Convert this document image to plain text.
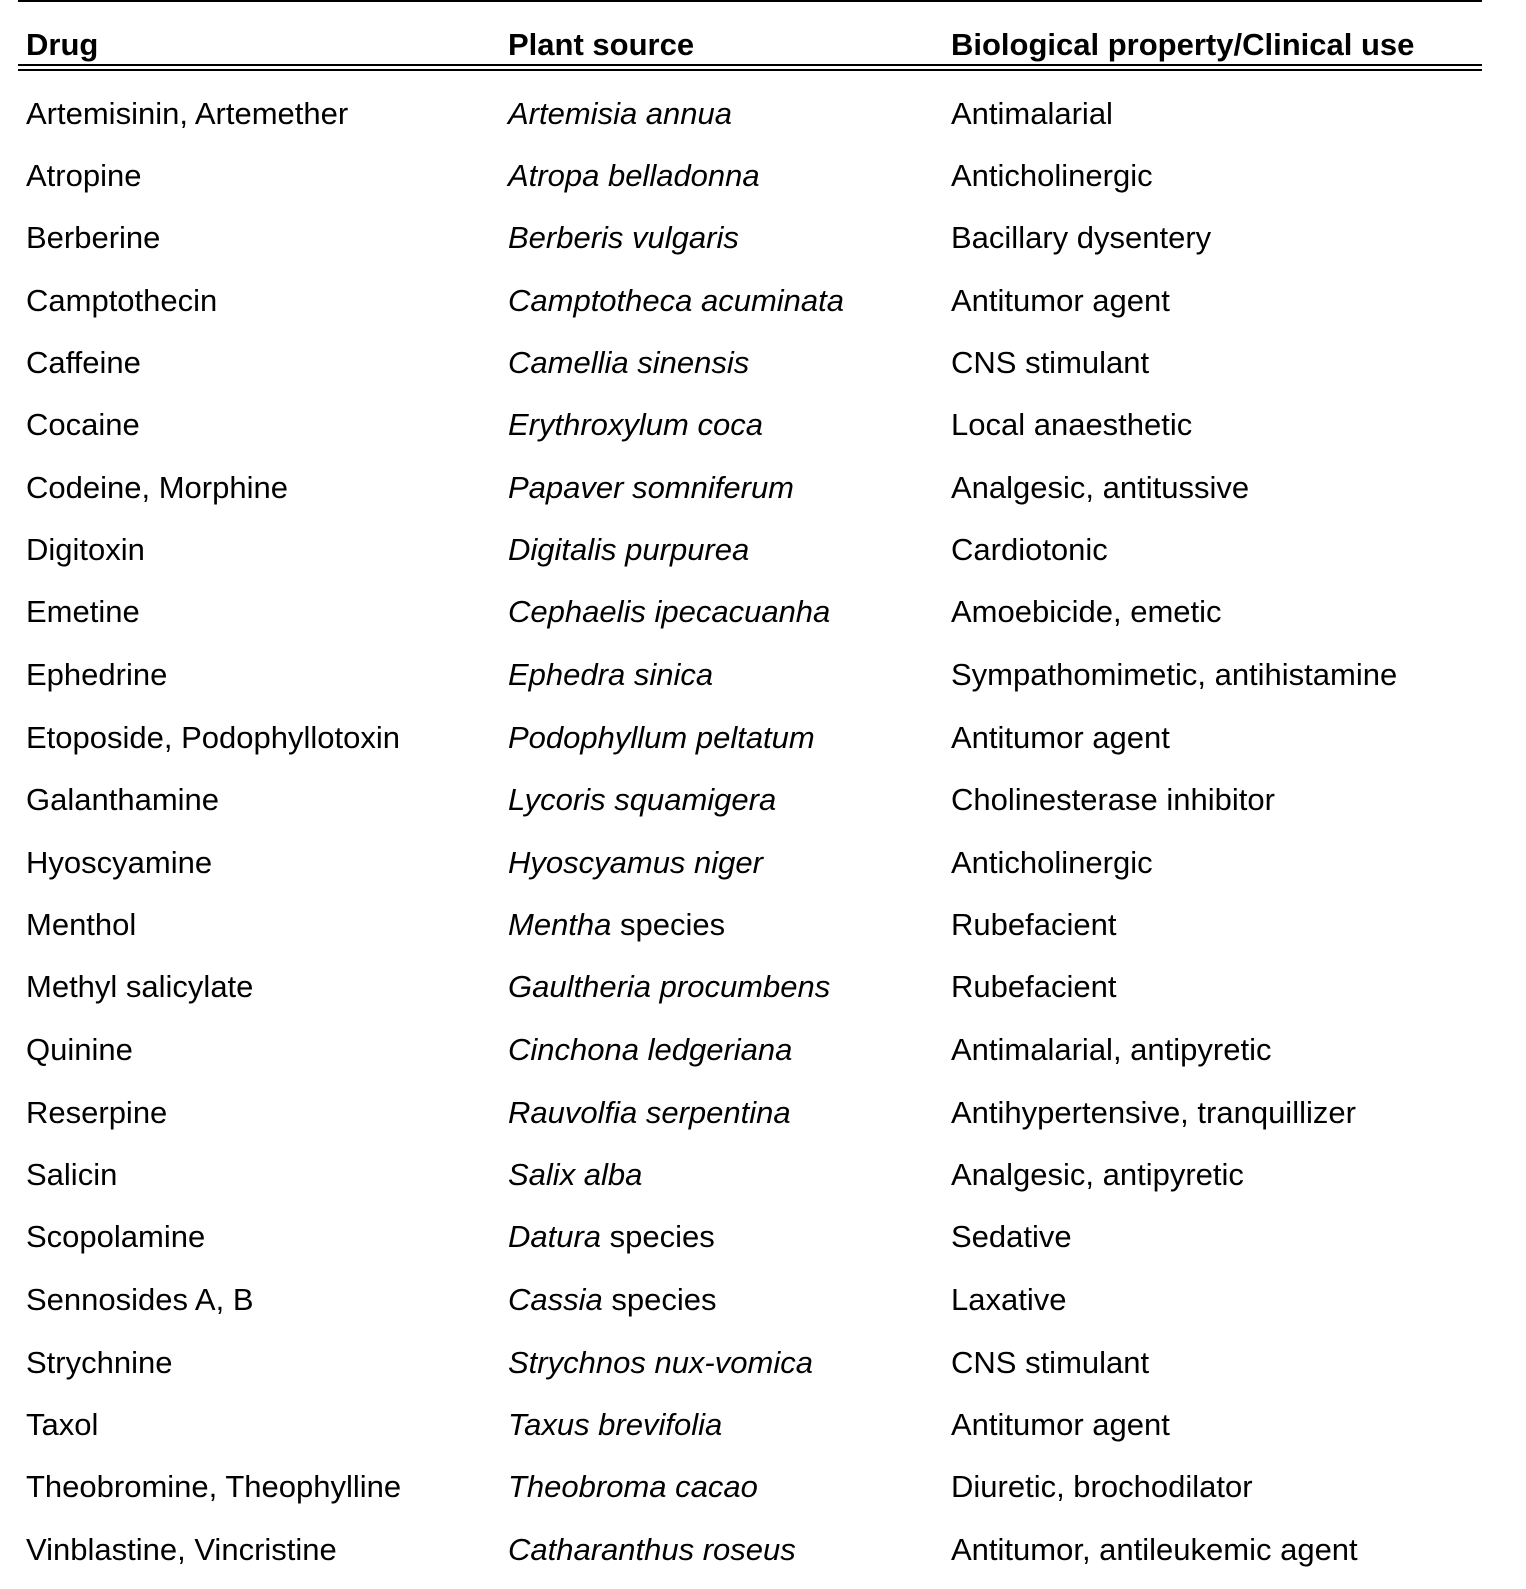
Drug	Plant source	Biological property/Clinical use
Artemisinin, Artemether	Artemisia annua	Antimalarial
Atropine	Atropa belladonna	Anticholinergic
Berberine	Berberis vulgaris	Bacillary dysentery
Camptothecin	Camptotheca acuminata	Antitumor agent
Caffeine	Camellia sinensis	CNS stimulant
Cocaine	Erythroxylum coca	Local anaesthetic
Codeine, Morphine	Papaver somniferum	Analgesic, antitussive
Digitoxin	Digitalis purpurea	Cardiotonic
Emetine	Cephaelis ipecacuanha	Amoebicide, emetic
Ephedrine	Ephedra sinica	Sympathomimetic, antihistamine
Etoposide, Podophyllotoxin	Podophyllum peltatum	Antitumor agent
Galanthamine	Lycoris squamigera	Cholinesterase inhibitor
Hyoscyamine	Hyoscyamus niger	Anticholinergic
Menthol	Mentha species	Rubefacient
Methyl salicylate	Gaultheria procumbens	Rubefacient
Quinine	Cinchona ledgeriana	Antimalarial, antipyretic
Reserpine	Rauvolfia serpentina	Antihypertensive, tranquillizer
Salicin	Salix alba	Analgesic, antipyretic
Scopolamine	Datura species	Sedative
Sennosides A, B	Cassia species	Laxative
Strychnine	Strychnos nux-vomica	CNS stimulant
Taxol	Taxus brevifolia	Antitumor agent
Theobromine, Theophylline	Theobroma cacao	Diuretic, brochodilator
Vinblastine, Vincristine	Catharanthus roseus	Antitumor, antileukemic agent
